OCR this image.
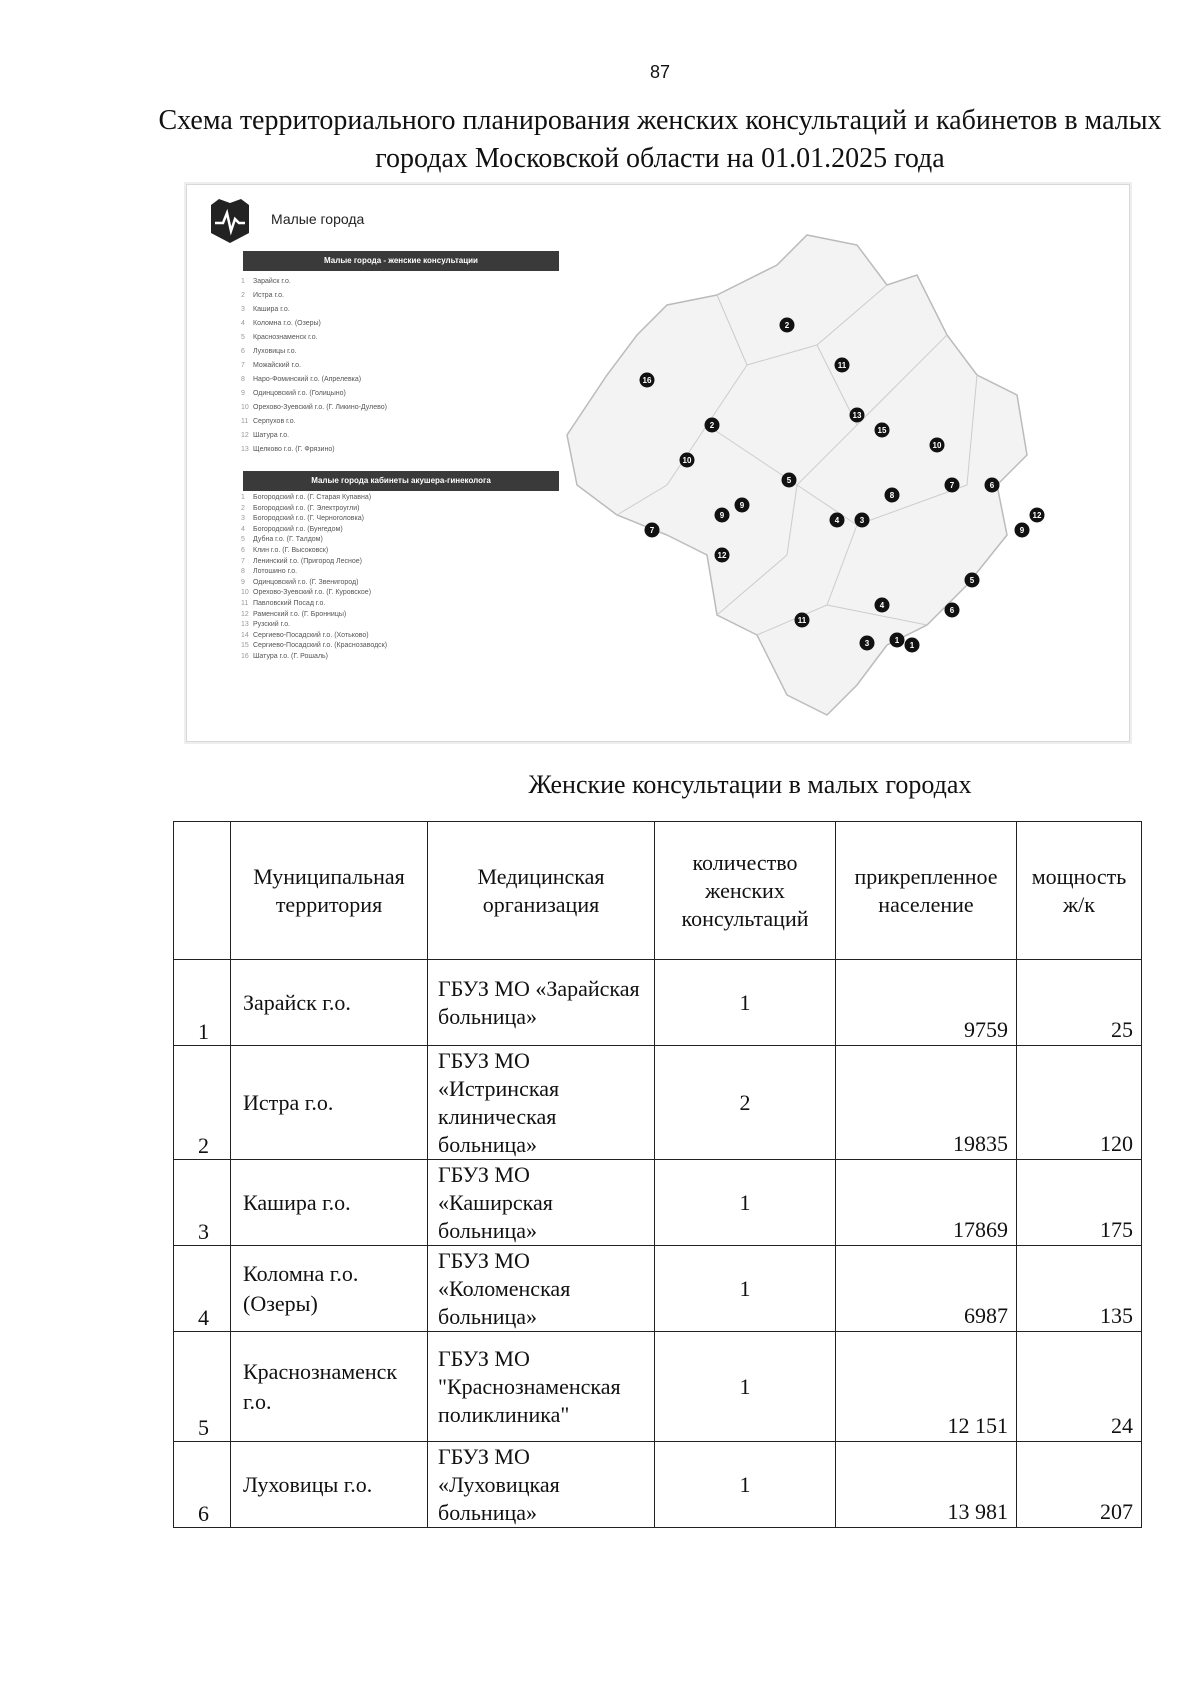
87
Схема территориального планирования женских консультаций и кабинетов в малых городах Московской области на 01.01.2025 года
Малые города
Малые города - женские консультации
1 Зарайск г.о.
2 Истра г.о.
3 Кашира г.о.
4 Коломна г.о. (Озеры)
5 Краснознаменск г.о.
6 Луховицы г.о.
7 Можайский г.о.
8 Наро-Фоминский г.о. (Апрелевка)
9 Одинцовский г.о. (Голицыно)
10 Орехово-Зуевский г.о. (Г. Ликино-Дулево)
11 Серпухов г.о.
12 Шатура г.о.
13 Щелково г.о. (Г. Фрязино)
Малые города кабинеты акушера-гинеколога
1 Богородский г.о. (Г. Старая Купавна)
2 Богородский г.о. (Г. Электроугли)
3 Богородский г.о. (Г. Черноголовка)
4 Богородский г.о. (Бунгедом)
5 Дубна г.о. (Г. Талдом)
6 Клин г.о. (Г. Высоковск)
7 Ленинский г.о. (Пригород Лесное)
8 Лотошино г.о.
9 Одинцовский г.о. (Г. Звенигород)
10 Орехово-Зуевский г.о. (Г. Куровское)
11 Павловский Посад г.о.
12 Раменский г.о. (Г. Бронницы)
13 Рузский г.о.
14 Сергиево-Посадский г.о. (Хотьково)
15 Сергиево-Посадский г.о. (Краснозаводск)
16 Шатура г.о. (Г. Рошаль)
2
11
16
2
13
15
10
10
5
9
9
6
7
8
4	3
9
7
12
12
5
4
6
11
3	1
1
Женские консультации в малых городах
	Муниципальная территория	Медицинская организация	количество женских консультаций	прикрепленное население	мощность ж/к
1	Зарайск г.о.	ГБУЗ МО «Зарайская больница»	1	9759	25
2	Истра г.о.	ГБУЗ МО «Истринская клиническая больница»	2	19835	120
3	Кашира г.о.	ГБУЗ МО «Каширская больница»	1	17869	175
4	Коломна г.о. (Озеры)	ГБУЗ МО «Коломенская больница»	1	6987	135
5	Краснознаменск г.о.	ГБУЗ МО "Краснознаменская поликлиника"	1	12 151	24
6	Луховицы г.о.	ГБУЗ МО «Луховицкая больница»	1	13 981	207
